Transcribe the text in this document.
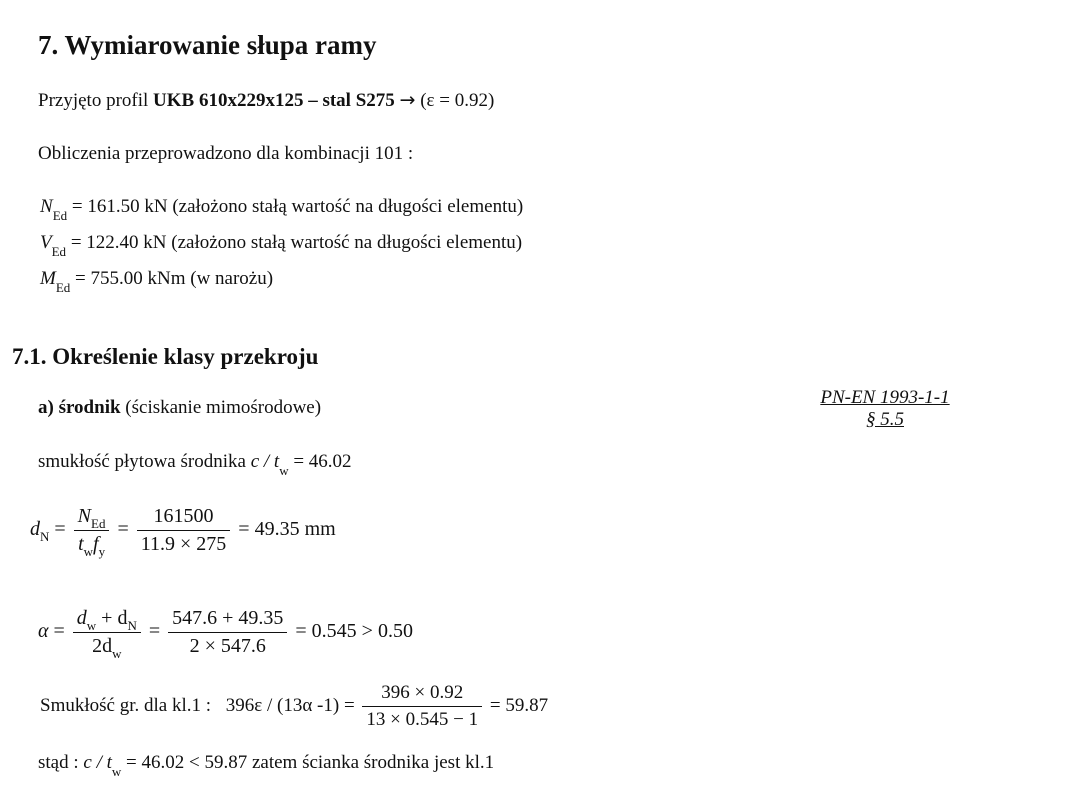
7. Wymiarowanie słupa ramy
Przyjęto profil UKB 610x229x125 – stal S275 → (ε = 0.92)
Obliczenia przeprowadzono dla kombinacji 101 :
$N_{Ed} = 161.50$ kN (założono stałą wartość na długości elementu)
$V_{Ed} = 122.40$ kN (założono stałą wartość na długości elementu)
$M_{Ed} = 755.00$ kNm (w narożu)
7.1. Określenie klasy przekroju
a) środnik (ściskanie mimośrodowe)	PN-EN 1993-1-1
§ 5.5
smukłość płytowa środnika $c / t_w = 46.02$
$d_N = \frac{N_{Ed}}{t_wf_y} = \frac{161500}{11.9 \times 275} = 49.35$ mm
$\alpha = \frac{d_w + d_N}{2d_w} = \frac{547.6 + 49.35}{2 \times 547.6} = 0.545 > 0.50$
Smukłość gr. dla kl.1 : 396ε / (13α $-1) = \frac{396 \times 0.92}{13 \times 0.545 - 1} = 59.87$
stąd : $c / t_w = 46.02 < 59.87$ zatem ścianka środnika jest kl.1
